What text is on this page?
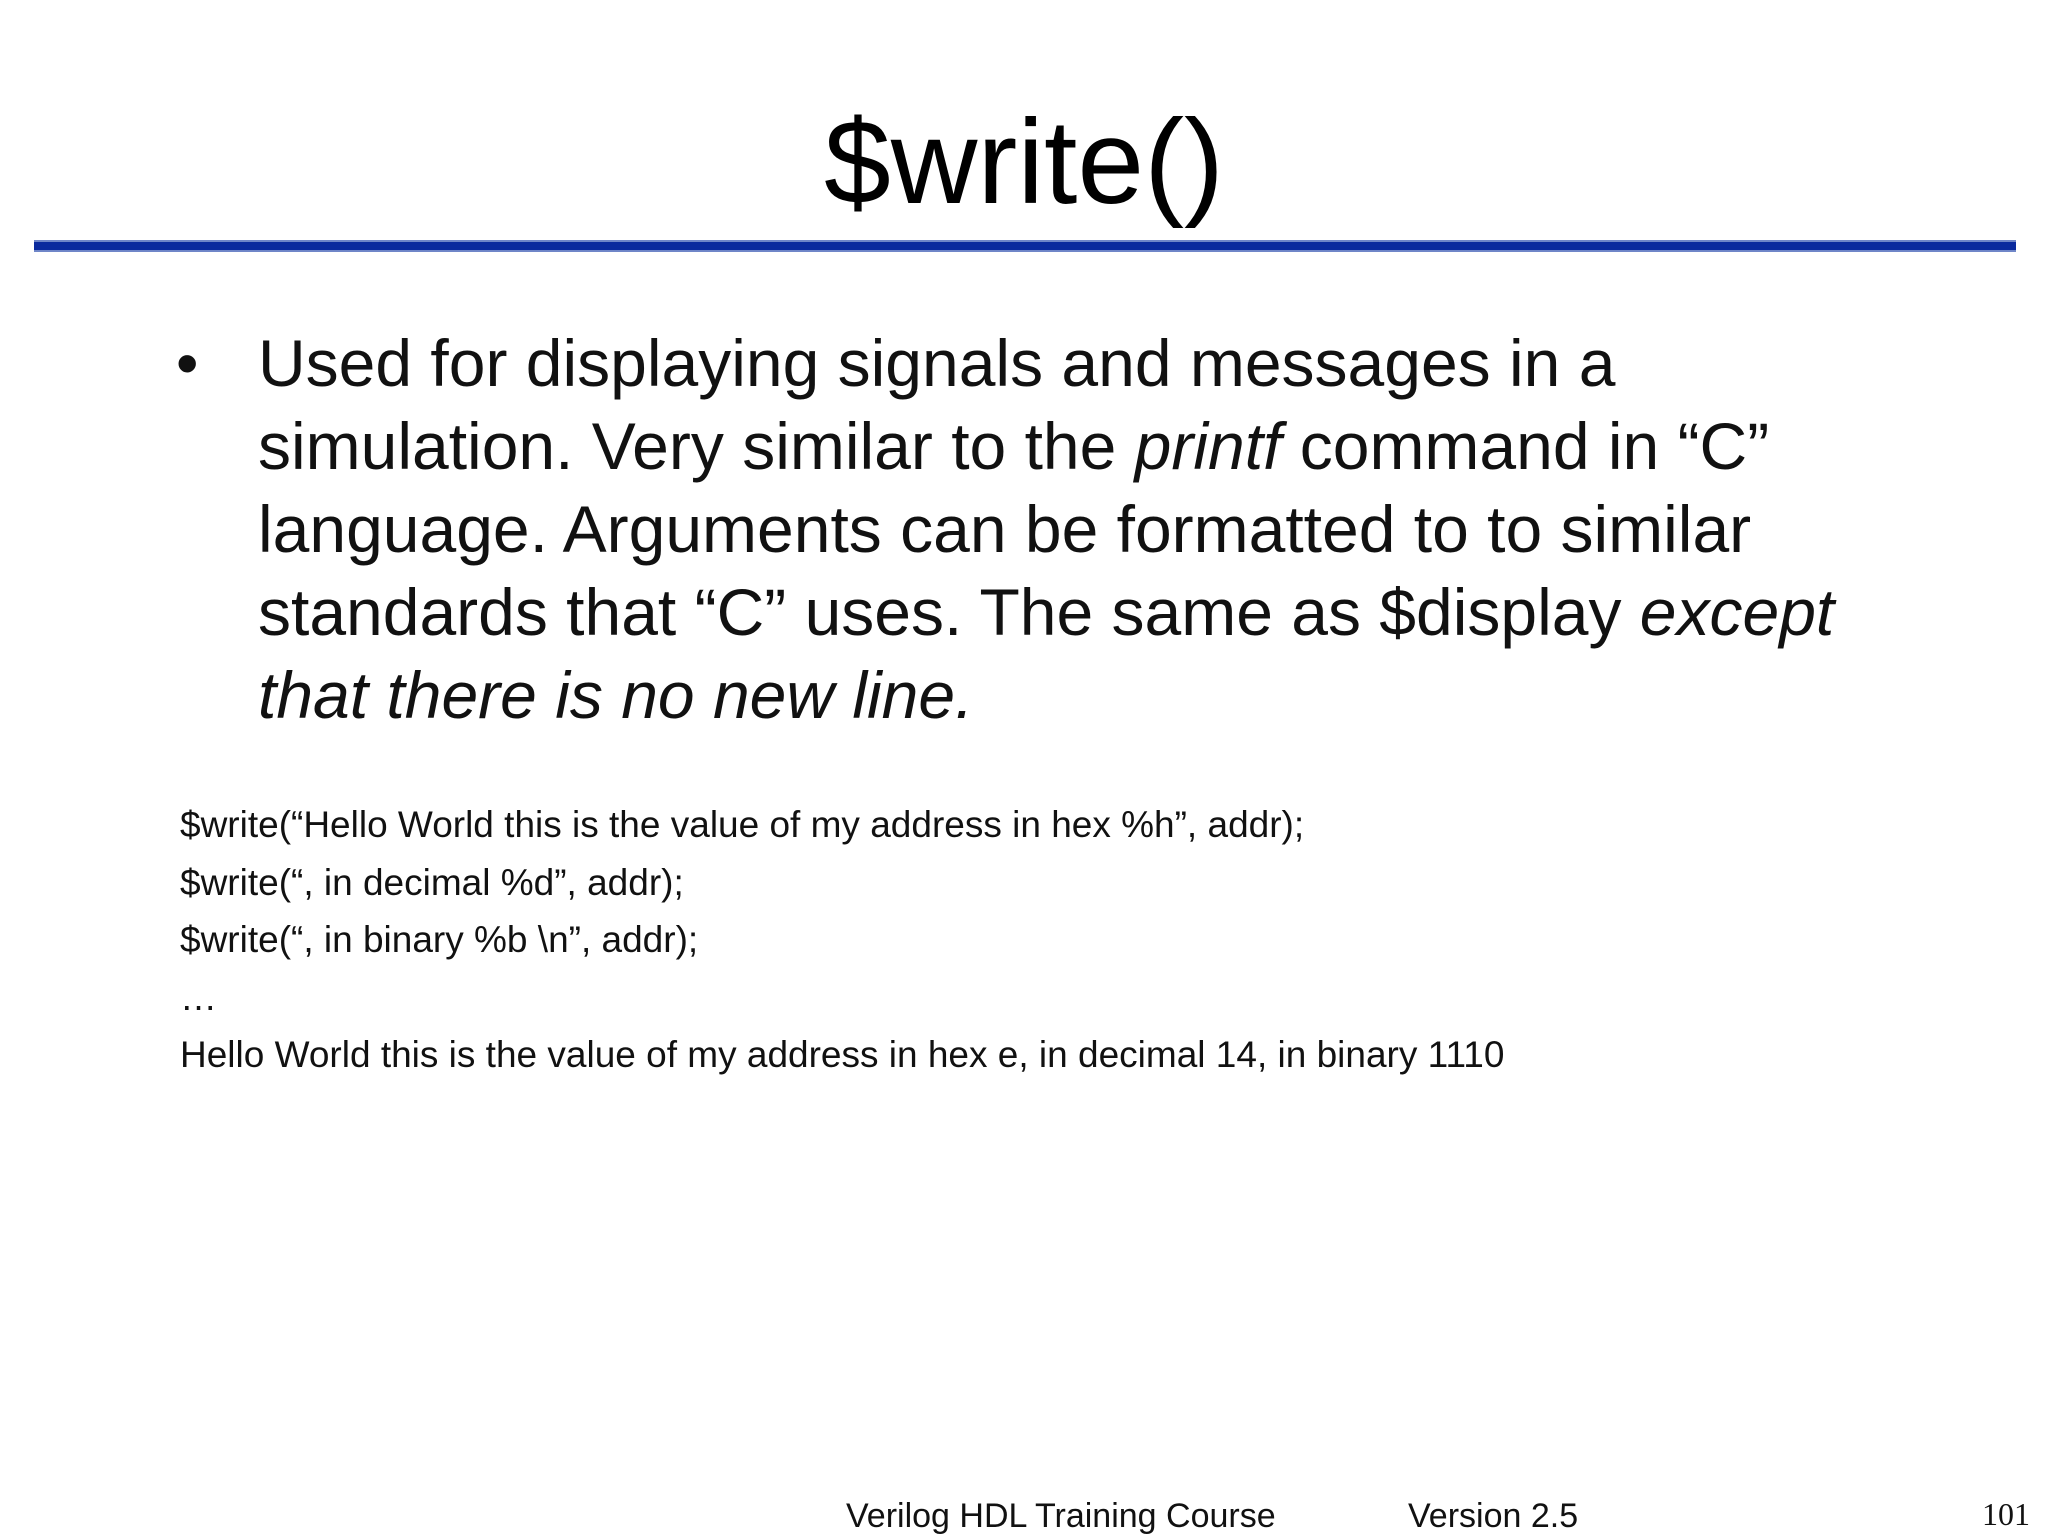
$write()
• Used for displaying signals and messages in a simulation. Very similar to the printf command in “C” language. Arguments can be formatted to to similar standards that “C” uses. The same as $display except that there is no new line.
$write(“Hello World this is the value of my address in hex %h”, addr);
$write(“, in decimal %d”, addr);
$write(“, in binary %b \n”, addr);
…
Hello World this is the value of my address in hex e, in decimal 14, in binary 1110
Verilog HDL Training Course	Version 2.5	101
